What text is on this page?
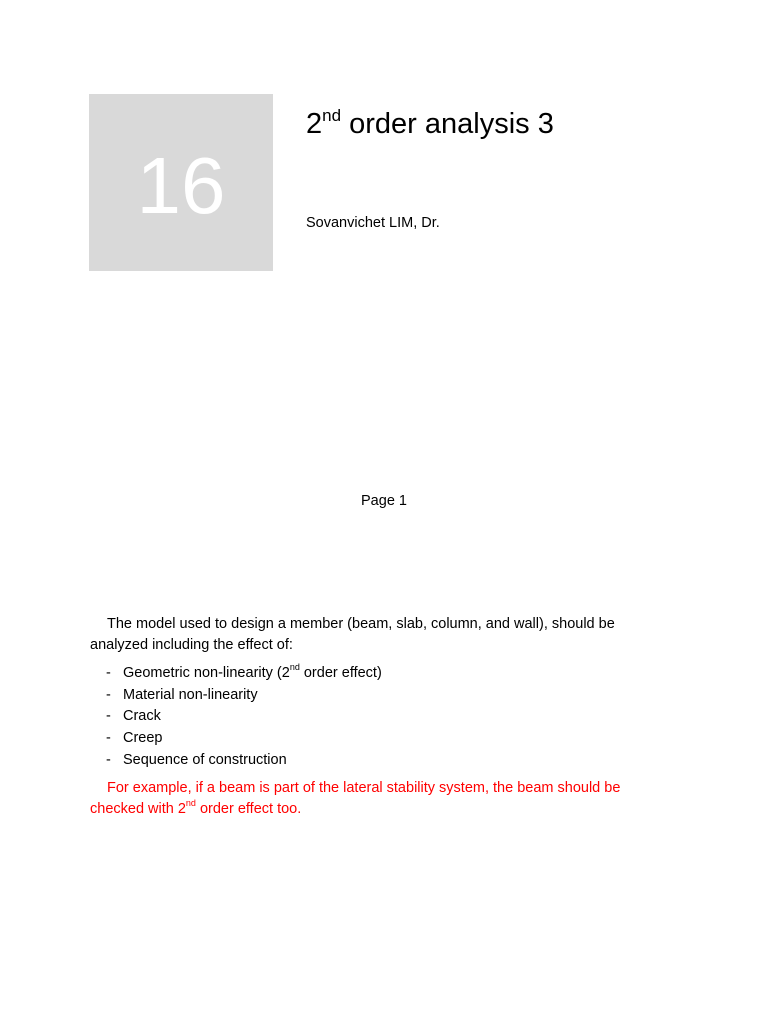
16
2nd order analysis 3
Sovanvichet LIM, Dr.
Page 1

The model used to design a member (beam, slab, column, and wall), should be analyzed including the effect of:

- Geometric non-linearity (2nd order effect)
- Material non-linearity
- Crack
- Creep
- Sequence of construction

For example, if a beam is part of the lateral stability system, the beam should be checked with 2nd order effect too.
